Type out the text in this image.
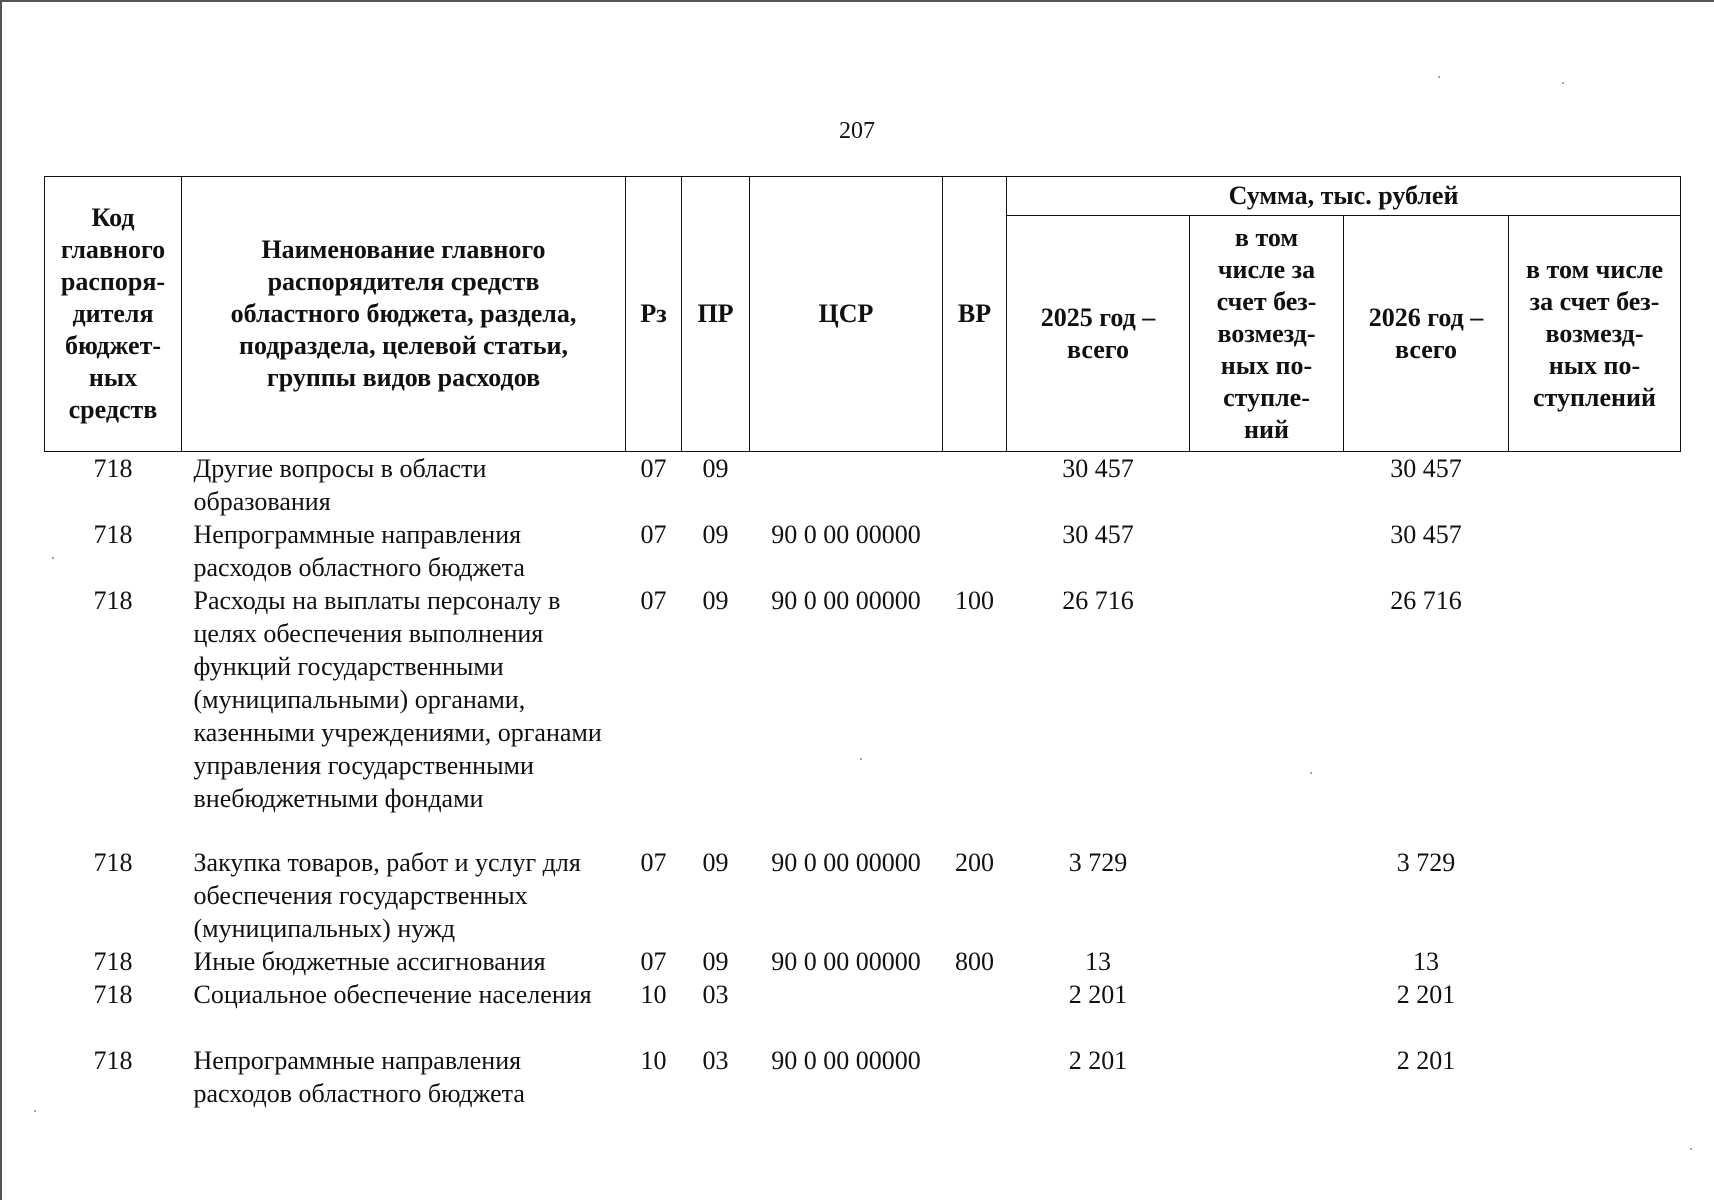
207
Код главного распоря-дителя бюджет-ных средств	Наименование главного распорядителя средств областного бюджета, раздела, подраздела, целевой статьи, группы видов расходов	Рз	ПР	ЦСР	ВР	Сумма, тыс. рублей			
						2025 год – всего	в том числе за счет без-возмезд-ных по-ступле-ний	2026 год – всего	в том числе за счет без-возмезд-ных по-ступлений
718	Другие вопросы в области образования	07	09			30 457		30 457	
718	Непрограммные направления расходов областного бюджета	07	09	90 0 00 00000		30 457		30 457	
718	Расходы на выплаты персоналу в целях обеспечения выполнения функций государственными (муниципальными) органами, казенными учреждениями, органами управления государственными внебюджетными фондами	07	09	90 0 00 00000	100	26 716		26 716	
718	Закупка товаров, работ и услуг для обеспечения государственных (муниципальных) нужд	07	09	90 0 00 00000	200	3 729		3 729	
718	Иные бюджетные ассигнования	07	09	90 0 00 00000	800	13		13	
718	Социальное обеспечение населения	10	03			2 201		2 201	
718	Непрограммные направления расходов областного бюджета	10	03	90 0 00 00000		2 201		2 201	
